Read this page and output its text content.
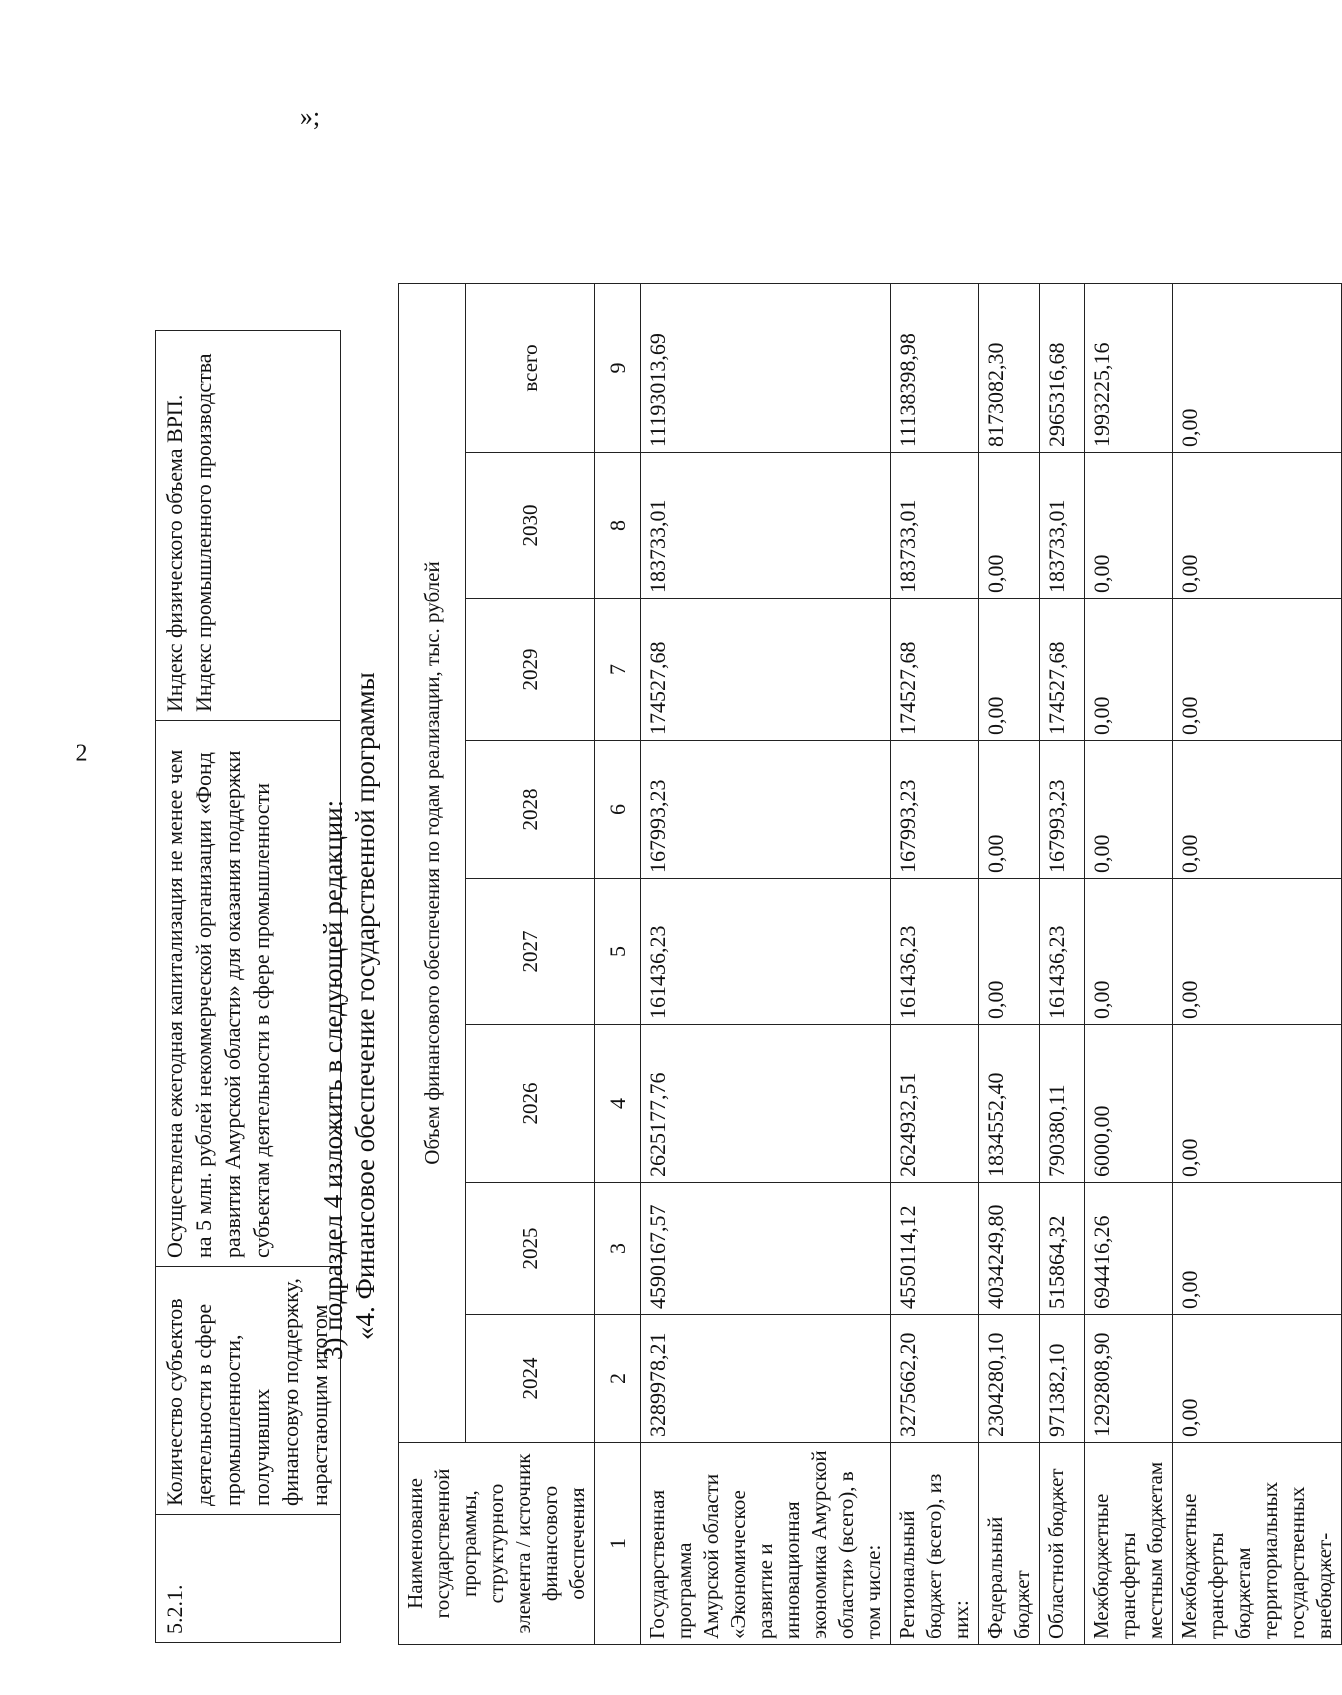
2
5.2.1.	Количество субъектов деятельности в сфере промышленности, получивших финансовую поддержку, нарастающим итогом	Осуществлена ежегодная капитализация не менее чем на 5 млн. рублей некоммерческой организации «Фонд развития Амурской области» для оказания поддержки субъектам деятельности в сфере промышленности	Индекс физического объема ВРП. Индекс промышленного производства
»;
3) подраздел 4 изложить в следующей редакции: «4. Финансовое обеспечение государственной программы
Наименование государственной программы, структурного элемента / источник финансового обеспечения	Объем финансового обеспечения по годам реализации, тыс. рублей							
	2024	2025	2026	2027	2028	2029	2030	всего
1	2	3	4	5	6	7	8	9
Государственная программа Амурской области «Экономическое развитие и инновационная экономика Амурской области» (всего), в том числе:	3289978,21	4590167,57	2625177,76	161436,23	167993,23	174527,68	183733,01	11193013,69
Региональный бюджет (всего), из них:	3275662,20	4550114,12	2624932,51	161436,23	167993,23	174527,68	183733,01	11138398,98
Федеральный бюджет	2304280,10	4034249,80	1834552,40	0,00	0,00	0,00	0,00	8173082,30
Областной бюджет	971382,10	515864,32	790380,11	161436,23	167993,23	174527,68	183733,01	2965316,68
Межбюджетные трансферты местным бюджетам	1292808,90	694416,26	6000,00	0,00	0,00	0,00	0,00	1993225,16
Межбюджетные трансферты бюджетам территориальных государственных внебюджет-	0,00	0,00	0,00	0,00	0,00	0,00	0,00	0,00
